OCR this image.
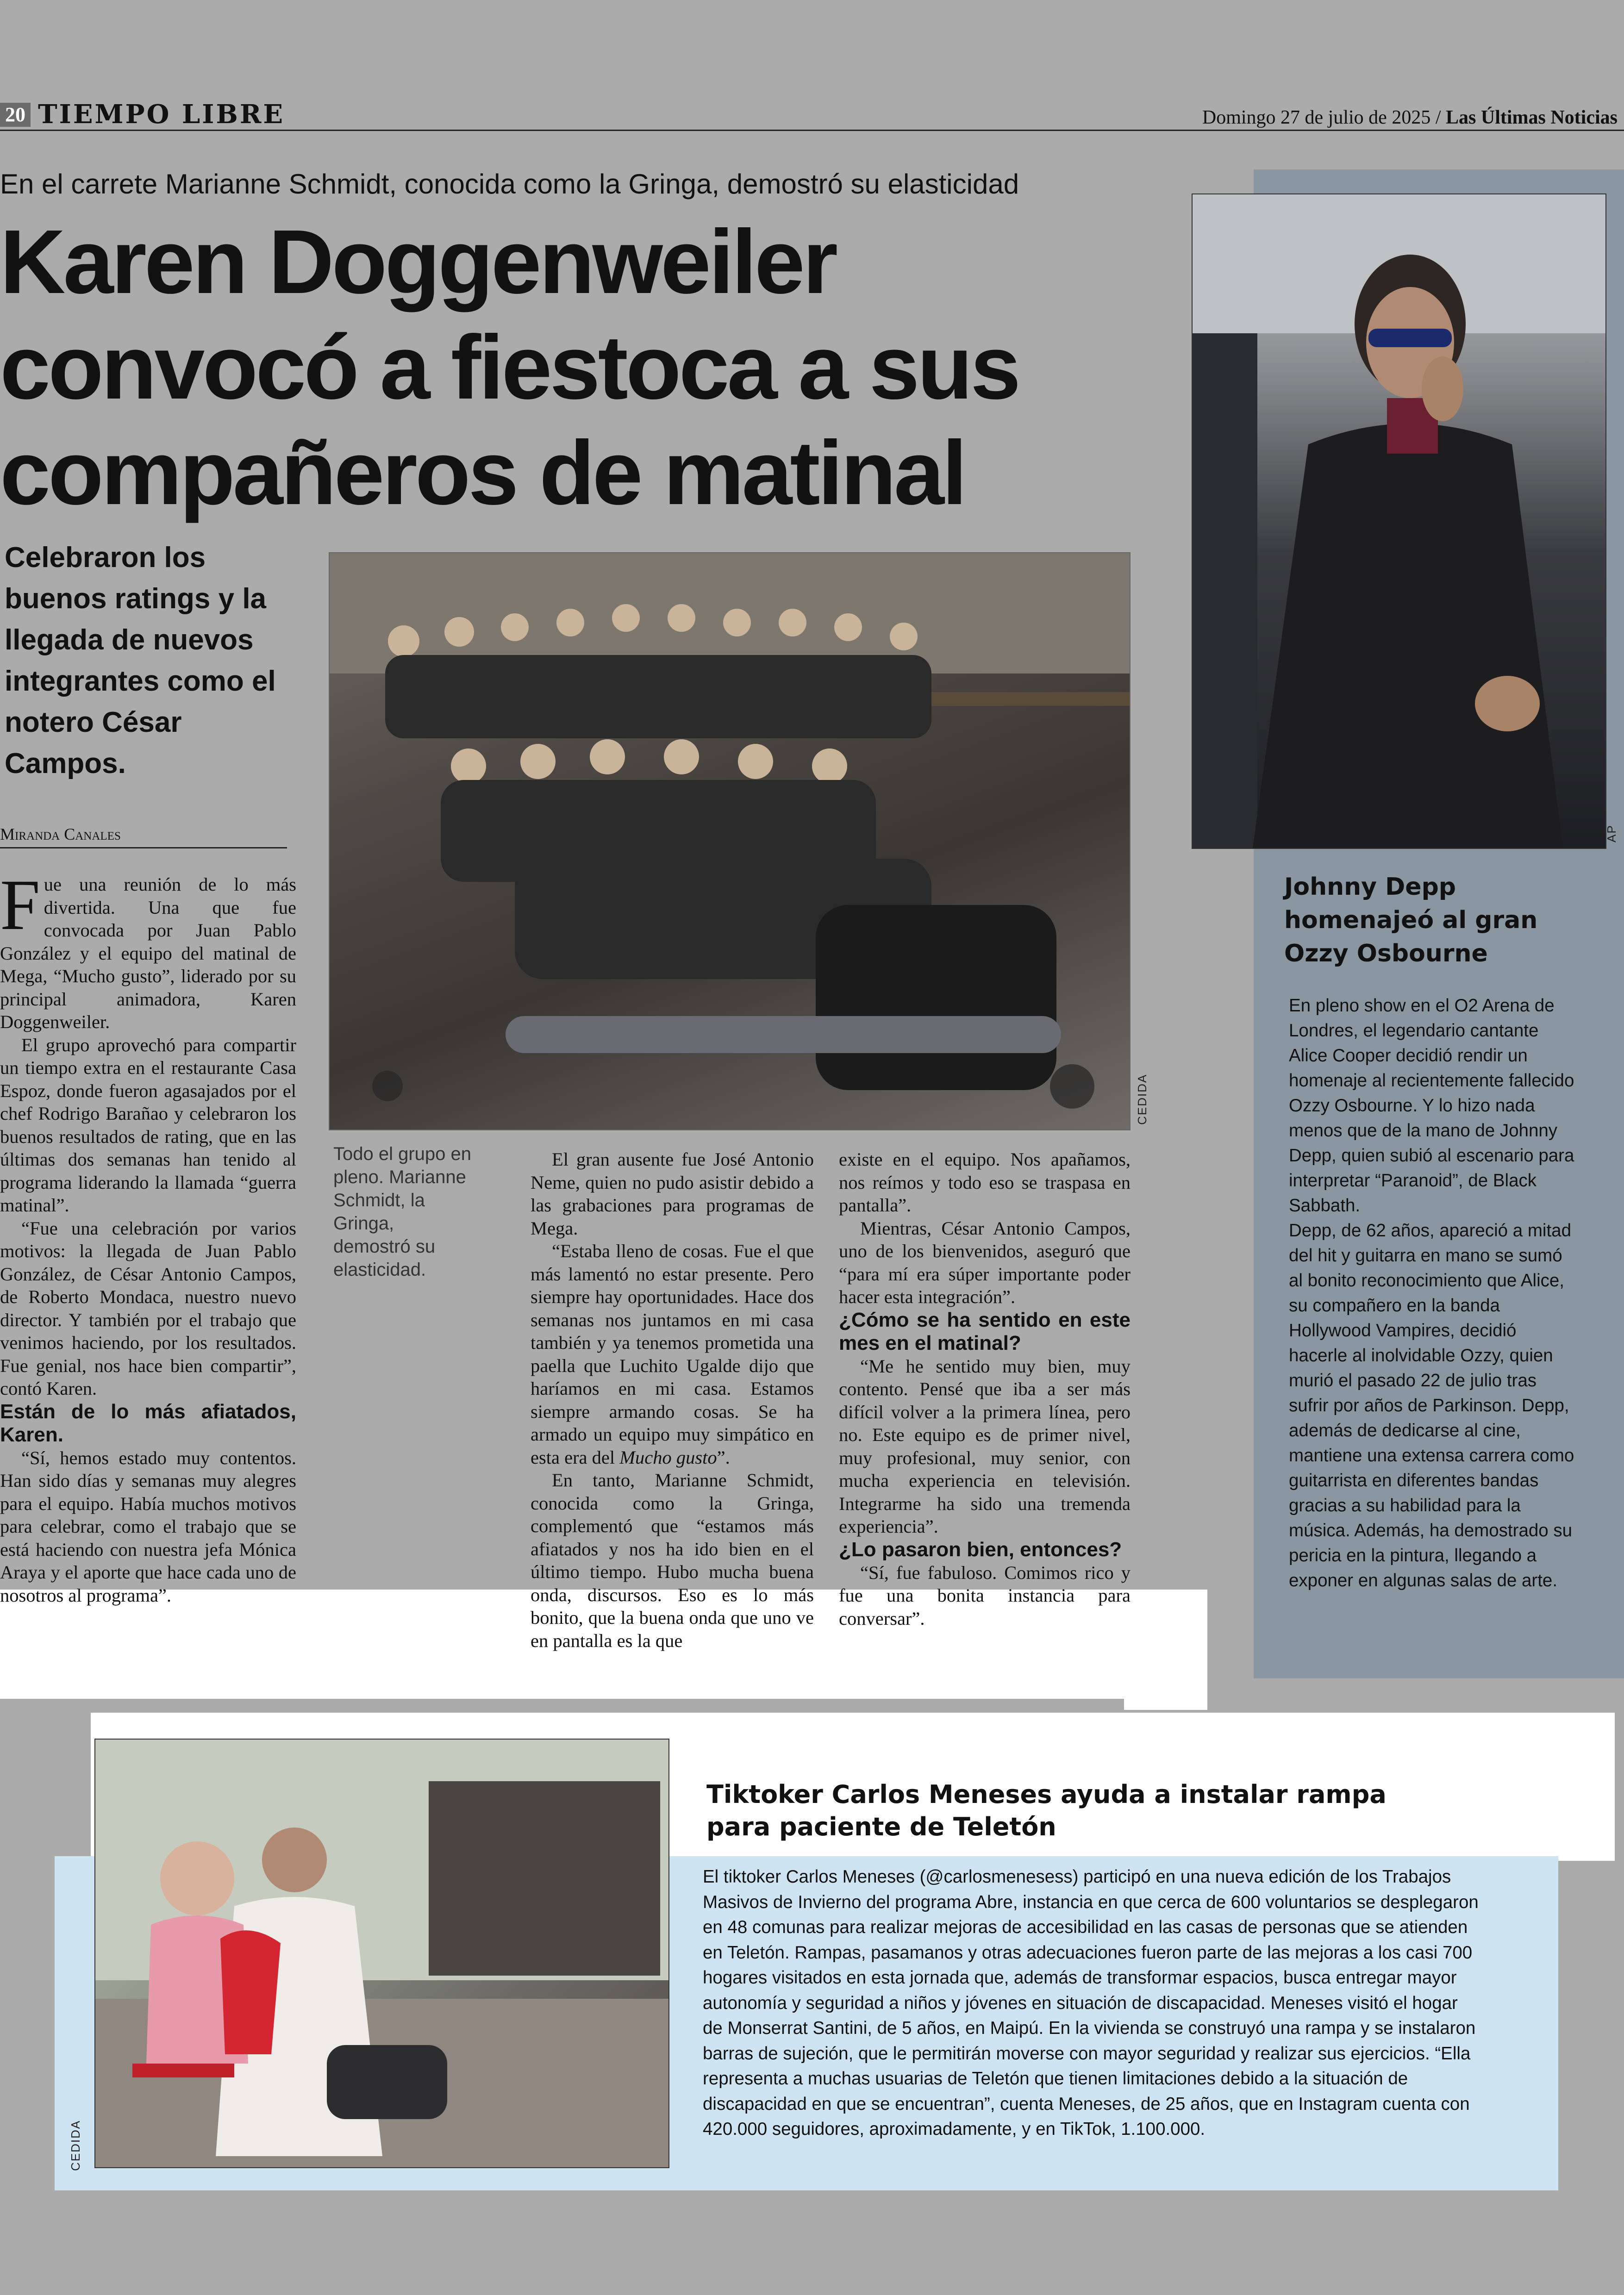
20 TIEMPO LIBRE	Domingo 27 de julio de 2025 / Las Últimas Noticias
En el carrete Marianne Schmidt, conocida como la Gringa, demostró su elasticidad
Karen Doggenweiler convocó a fiestoca a sus compañeros de matinal
Celebraron los buenos ratings y la llegada de nuevos integrantes como el notero César Campos.
Miranda Canales
CEDIDA
Todo el grupo en pleno. Marianne Schmidt, la Gringa, demostró su elasticidad.

Fue una reunión de lo más divertida. Una que fue convocada por Juan Pablo González y el equipo del matinal de Mega, “Mucho gusto”, liderado por su principal animadora, Karen Doggenweiler.

El grupo aprovechó para compartir un tiempo extra en el restaurante Casa Espoz, donde fueron agasajados por el chef Rodrigo Barañao y celebraron los buenos resultados de rating, que en las últimas dos semanas han tenido al programa liderando la llamada “guerra matinal”.

“Fue una celebración por varios motivos: la llegada de Juan Pablo González, de César Antonio Campos, de Roberto Mondaca, nuestro nuevo director. Y también por el trabajo que venimos haciendo, por los resultados. Fue genial, nos hace bien compartir”, contó Karen.

Están de lo más afiatados, Karen.

“Sí, hemos estado muy contentos. Han sido días y semanas muy alegres para el equipo. Había muchos motivos para celebrar, como el trabajo que se está haciendo con nuestra jefa Mónica Araya y el aporte que hace cada uno de nosotros al programa”.

El gran ausente fue José Antonio Neme, quien no pudo asistir debido a las grabaciones para programas de Mega.

“Estaba lleno de cosas. Fue el que más lamentó no estar presente. Pero siempre hay oportunidades. Hace dos semanas nos juntamos en mi casa también y ya tenemos prometida una paella que Luchito Ugalde dijo que haríamos en mi casa. Estamos siempre armando cosas. Se ha armado un equipo muy simpático en esta era del Mucho gusto”.

En tanto, Marianne Schmidt, conocida como la Gringa, complementó que “estamos más afiatados y nos ha ido bien en el último tiempo. Hubo mucha buena onda, discursos. Eso es lo más bonito, que la buena onda que uno ve en pantalla es la que

existe en el equipo. Nos apañamos, nos reímos y todo eso se traspasa en pantalla”.

Mientras, César Antonio Campos, uno de los bienvenidos, aseguró que “para mí era súper importante poder hacer esta integración”.

¿Cómo se ha sentido en este mes en el matinal?

“Me he sentido muy bien, muy contento. Pensé que iba a ser más difícil volver a la primera línea, pero no. Este equipo es de primer nivel, muy profesional, muy senior, con mucha experiencia en televisión. Integrarme ha sido una tremenda experiencia”.

¿Lo pasaron bien, entonces?

“Sí, fue fabuloso. Comimos rico y fue una bonita instancia para conversar”.

AP
Johnny Depp homenajeó al gran Ozzy Osbourne

En pleno show en el O2 Arena de Londres, el legendario cantante Alice Cooper decidió rendir un homenaje al recientemente fallecido Ozzy Osbourne. Y lo hizo nada menos que de la mano de Johnny Depp, quien subió al escenario para interpretar “Paranoid”, de Black Sabbath.

Depp, de 62 años, apareció a mitad del hit y guitarra en mano se sumó al bonito reconocimiento que Alice, su compañero en la banda Hollywood Vampires, decidió hacerle al inolvidable Ozzy, quien murió el pasado 22 de julio tras sufrir por años de Parkinson. Depp, además de dedicarse al cine, mantiene una extensa carrera como guitarrista en diferentes bandas gracias a su habilidad para la música. Además, ha demostrado su pericia en la pintura, llegando a exponer en algunas salas de arte.

CEDIDA
Tiktoker Carlos Meneses ayuda a instalar rampa para paciente de Teletón

El tiktoker Carlos Meneses (@carlosmenesess) participó en una nueva edición de los Trabajos Masivos de Invierno del programa Abre, instancia en que cerca de 600 voluntarios se desplegaron en 48 comunas para realizar mejoras de accesibilidad en las casas de personas que se atienden en Teletón. Rampas, pasamanos y otras adecuaciones fueron parte de las mejoras a los casi 700 hogares visitados en esta jornada que, además de transformar espacios, busca entregar mayor autonomía y seguridad a niños y jóvenes en situación de discapacidad. Meneses visitó el hogar de Monserrat Santini, de 5 años, en Maipú. En la vivienda se construyó una rampa y se instalaron barras de sujeción, que le permitirán moverse con mayor seguridad y realizar sus ejercicios. “Ella representa a muchas usuarias de Teletón que tienen limitaciones debido a la situación de discapacidad en que se encuentran”, cuenta Meneses, de 25 años, que en Instagram cuenta con 420.000 seguidores, aproximadamente, y en TikTok, 1.100.000.
